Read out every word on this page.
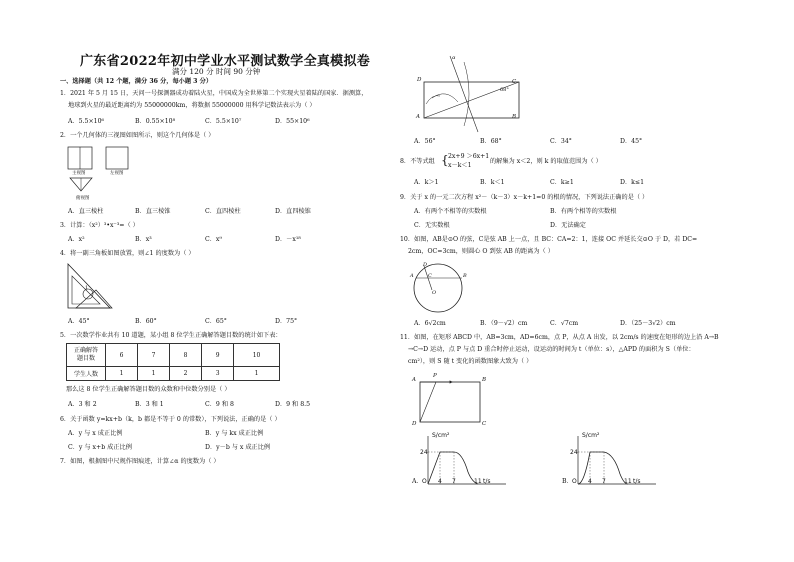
广东省2022年初中学业水平测试数学全真模拟卷
满分 120 分 时间 90 分钟
一、选择题（共 12 个题，满分 36 分，每小题 3 分）
1．2021 年 5 月 15 日，天问一号探测器成功着陆火星，中国成为全世界第二个实现火星着陆的国家．据测算，
地球到火星的最近距离约为 55000000km，将数据 55000000 用科学记数法表示为（ ）
A．5.5×10⁶	B．0.55×10⁸	C．5.5×10⁷	D．55×10⁶
2．一个几何体的三视图如图所示，则这个几何体是（ ）
主视图	左视图
俯视图
A．直三棱柱	B．直三棱锥	C．直四棱柱	D．直四棱锥
3．计算：（x²）³•x⁻³=（ ）
A．x²	B．x³	C．x⁹	D．－x¹⁸
4．将一副三角板如图放置，则∠1 的度数为（ ）
1
A．45°	B．60°	C．65°	D．75°
5．一次数学作业共有 10 道题，某小组 8 位学生正确解答题目数的统计如下表：
正确解答
题目数	6	7	8	9	10
学生人数	1	1	2	3	1
那么这 8 位学生正确解答题目数的众数和中位数分别是（ ）
A．3 和 2	B．3 和 1	C．9 和 8	D．9 和 8.5
6．关于函数 y=kx+b（k，b 都是不等于 0 的常数），下列说法，正确的是（ ）
A．y 与 x 成正比例	B．y 与 kx 成正比例
C．y 与 x+b 成正比例	D．y－b 与 x 成正比例
7．如图，根据图中尺规作图痕迹，计算∠α 的度数为（ ）
α
D	C
68°
A	B
A．56°	B．68°	C．34°	D．45°
8．不等式组 { 2x+9 ＞6x+1
x－k＜1
的解集为 x＜2，则 k 的取值范围为（ ）
A．k＞1	B．k＜1	C．k≥1	D．k≤1
9．关于 x 的一元二次方程 x²－（k－3）x－k+1=0 的根的情况，下列说法正确的是（ ）
A．有两个不相等的实数根	B．有两个相等的实数根
C．无实数根	D．无法确定
10．如图，AB是⊙O 的弦，C是弦 AB 上一点，且 BC：CA=2：1，连接 OC 并延长交⊙O 于 D，若 DC=
2cm，OC=3cm，则圆心 O 到弦 AB 的距离为（ ）
D
A	C	B
O
A．6√2cm	B．（9－√2）cm	C．√7cm	D．（25－3√2）cm
11．如图，在矩形 ABCD 中，AB=3cm，AD=6cm，点 P，从点 A 出发，以 2cm/s 的速度在矩形的边上沿 A→B
→C→D 运动，点 P 与点 D 重合时停止运动，设运动的时间为 t（单位：s），△APD 的面积为 S（单位：
cm²），则 S 随 t 变化的函数图象大致为（ ）
A
P
B
D	C
A．
S/cm²
24
O 4 7	11 t/s	B．
S/cm²
24
O 4 7	11 t/s
